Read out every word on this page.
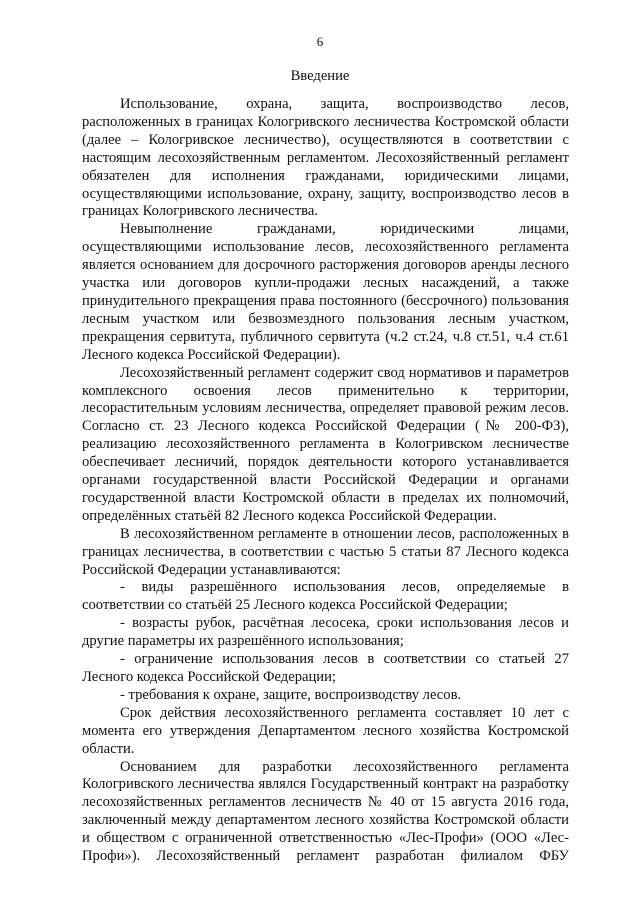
6
Введение

Использование, охрана, защита, воспроизводство лесов, расположенных в границах Кологривского лесничества Костромской области (далее – Кологривское лесничество), осуществляются в соответствии с настоящим лесохозяйственным регламентом. Лесохозяйственный регламент обязателен для исполнения гражданами, юридическими лицами, осуществляющими использование, охрану, защиту, воспроизводство лесов в границах Кологривского лесничества.

Невыполнение гражданами, юридическими лицами, осуществляющими использование лесов, лесохозяйственного регламента является основанием для досрочного расторжения договоров аренды лесного участка или договоров купли-продажи лесных насаждений, а также принудительного прекращения права постоянного (бессрочного) пользования лесным участком или безвозмездного пользования лесным участком, прекращения сервитута, публичного сервитута (ч.2 ст.24, ч.8 ст.51, ч.4 ст.61 Лесного кодекса Российской Федерации).

Лесохозяйственный регламент содержит свод нормативов и параметров комплексного освоения лесов применительно к территории, лесорастительным условиям лесничества, определяет правовой режим лесов. Согласно ст. 23 Лесного кодекса Российской Федерации (№ 200-ФЗ), реализацию лесохозяйственного регламента в Кологривском лесничестве обеспечивает лесничий, порядок деятельности которого устанавливается органами государственной власти Российской Федерации и органами государственной власти Костромской области в пределах их полномочий, определённых статьёй 82 Лесного кодекса Российской Федерации.

В лесохозяйственном регламенте в отношении лесов, расположенных в границах лесничества, в соответствии с частью 5 статьи 87 Лесного кодекса Российской Федерации устанавливаются:

- виды разрешённого использования лесов, определяемые в соответствии со статьёй 25 Лесного кодекса Российской Федерации;

- возрасты рубок, расчётная лесосека, сроки использования лесов и другие параметры их разрешённого использования;

- ограничение использования лесов в соответствии со статьей 27 Лесного кодекса Российской Федерации;

- требования к охране, защите, воспроизводству лесов.

Срок действия лесохозяйственного регламента составляет 10 лет с момента его утверждения Департаментом лесного хозяйства Костромской области.

Основанием для разработки лесохозяйственного регламента Кологривского лесничества являлся Государственный контракт на разработку лесохозяйственных регламентов лесничеств № 40 от 15 августа 2016 года, заключенный между департаментом лесного хозяйства Костромской области и обществом с ограниченной ответственностью «Лес-Профи» (ООО «Лес-Профи»). Лесохозяйственный регламент разработан филиалом ФБУ
